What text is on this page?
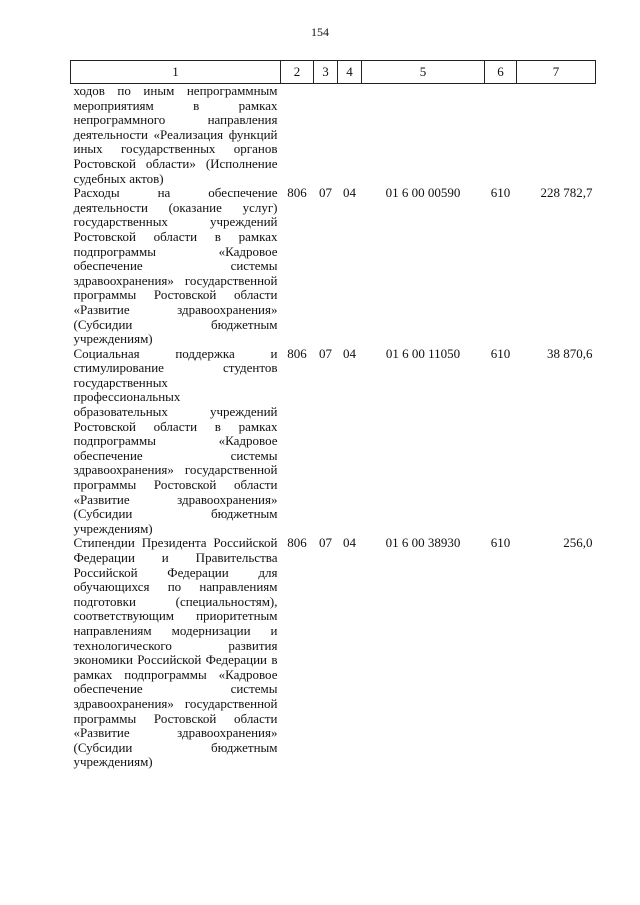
154
1	2	3	4	5	6	7
ходов по иным непрограммным мероприятиям в рамках непрограммного направления деятельности «Реализация функций иных государственных органов Ростовской области» (Исполнение судебных актов)						
Расходы на обеспечение деятельности (оказание услуг) государственных учреждений Ростовской области в рамках подпрограммы «Кадровое обеспечение системы здравоохранения» государственной программы Ростовской области «Развитие здравоохранения» (Субсидии бюджетным учреждениям)	806	07	04	01 6 00 00590	610	228 782,7
Социальная поддержка и стимулирование студентов государственных профессиональных образовательных учреждений Ростовской области в рамках подпрограммы «Кадровое обеспечение системы здравоохранения» государственной программы Ростовской области «Развитие здравоохранения» (Субсидии бюджетным учреждениям)	806	07	04	01 6 00 11050	610	38 870,6
Стипендии Президента Российской Федерации и Правительства Российской Федерации для обучающихся по направлениям подготовки (специальностям), соответствующим приоритетным направлениям модернизации и технологического развития экономики Российской Федерации в рамках подпрограммы «Кадровое обеспечение системы здравоохранения» государственной программы Ростовской области «Развитие здравоохранения» (Субсидии бюджетным учреждениям)	806	07	04	01 6 00 38930	610	256,0
